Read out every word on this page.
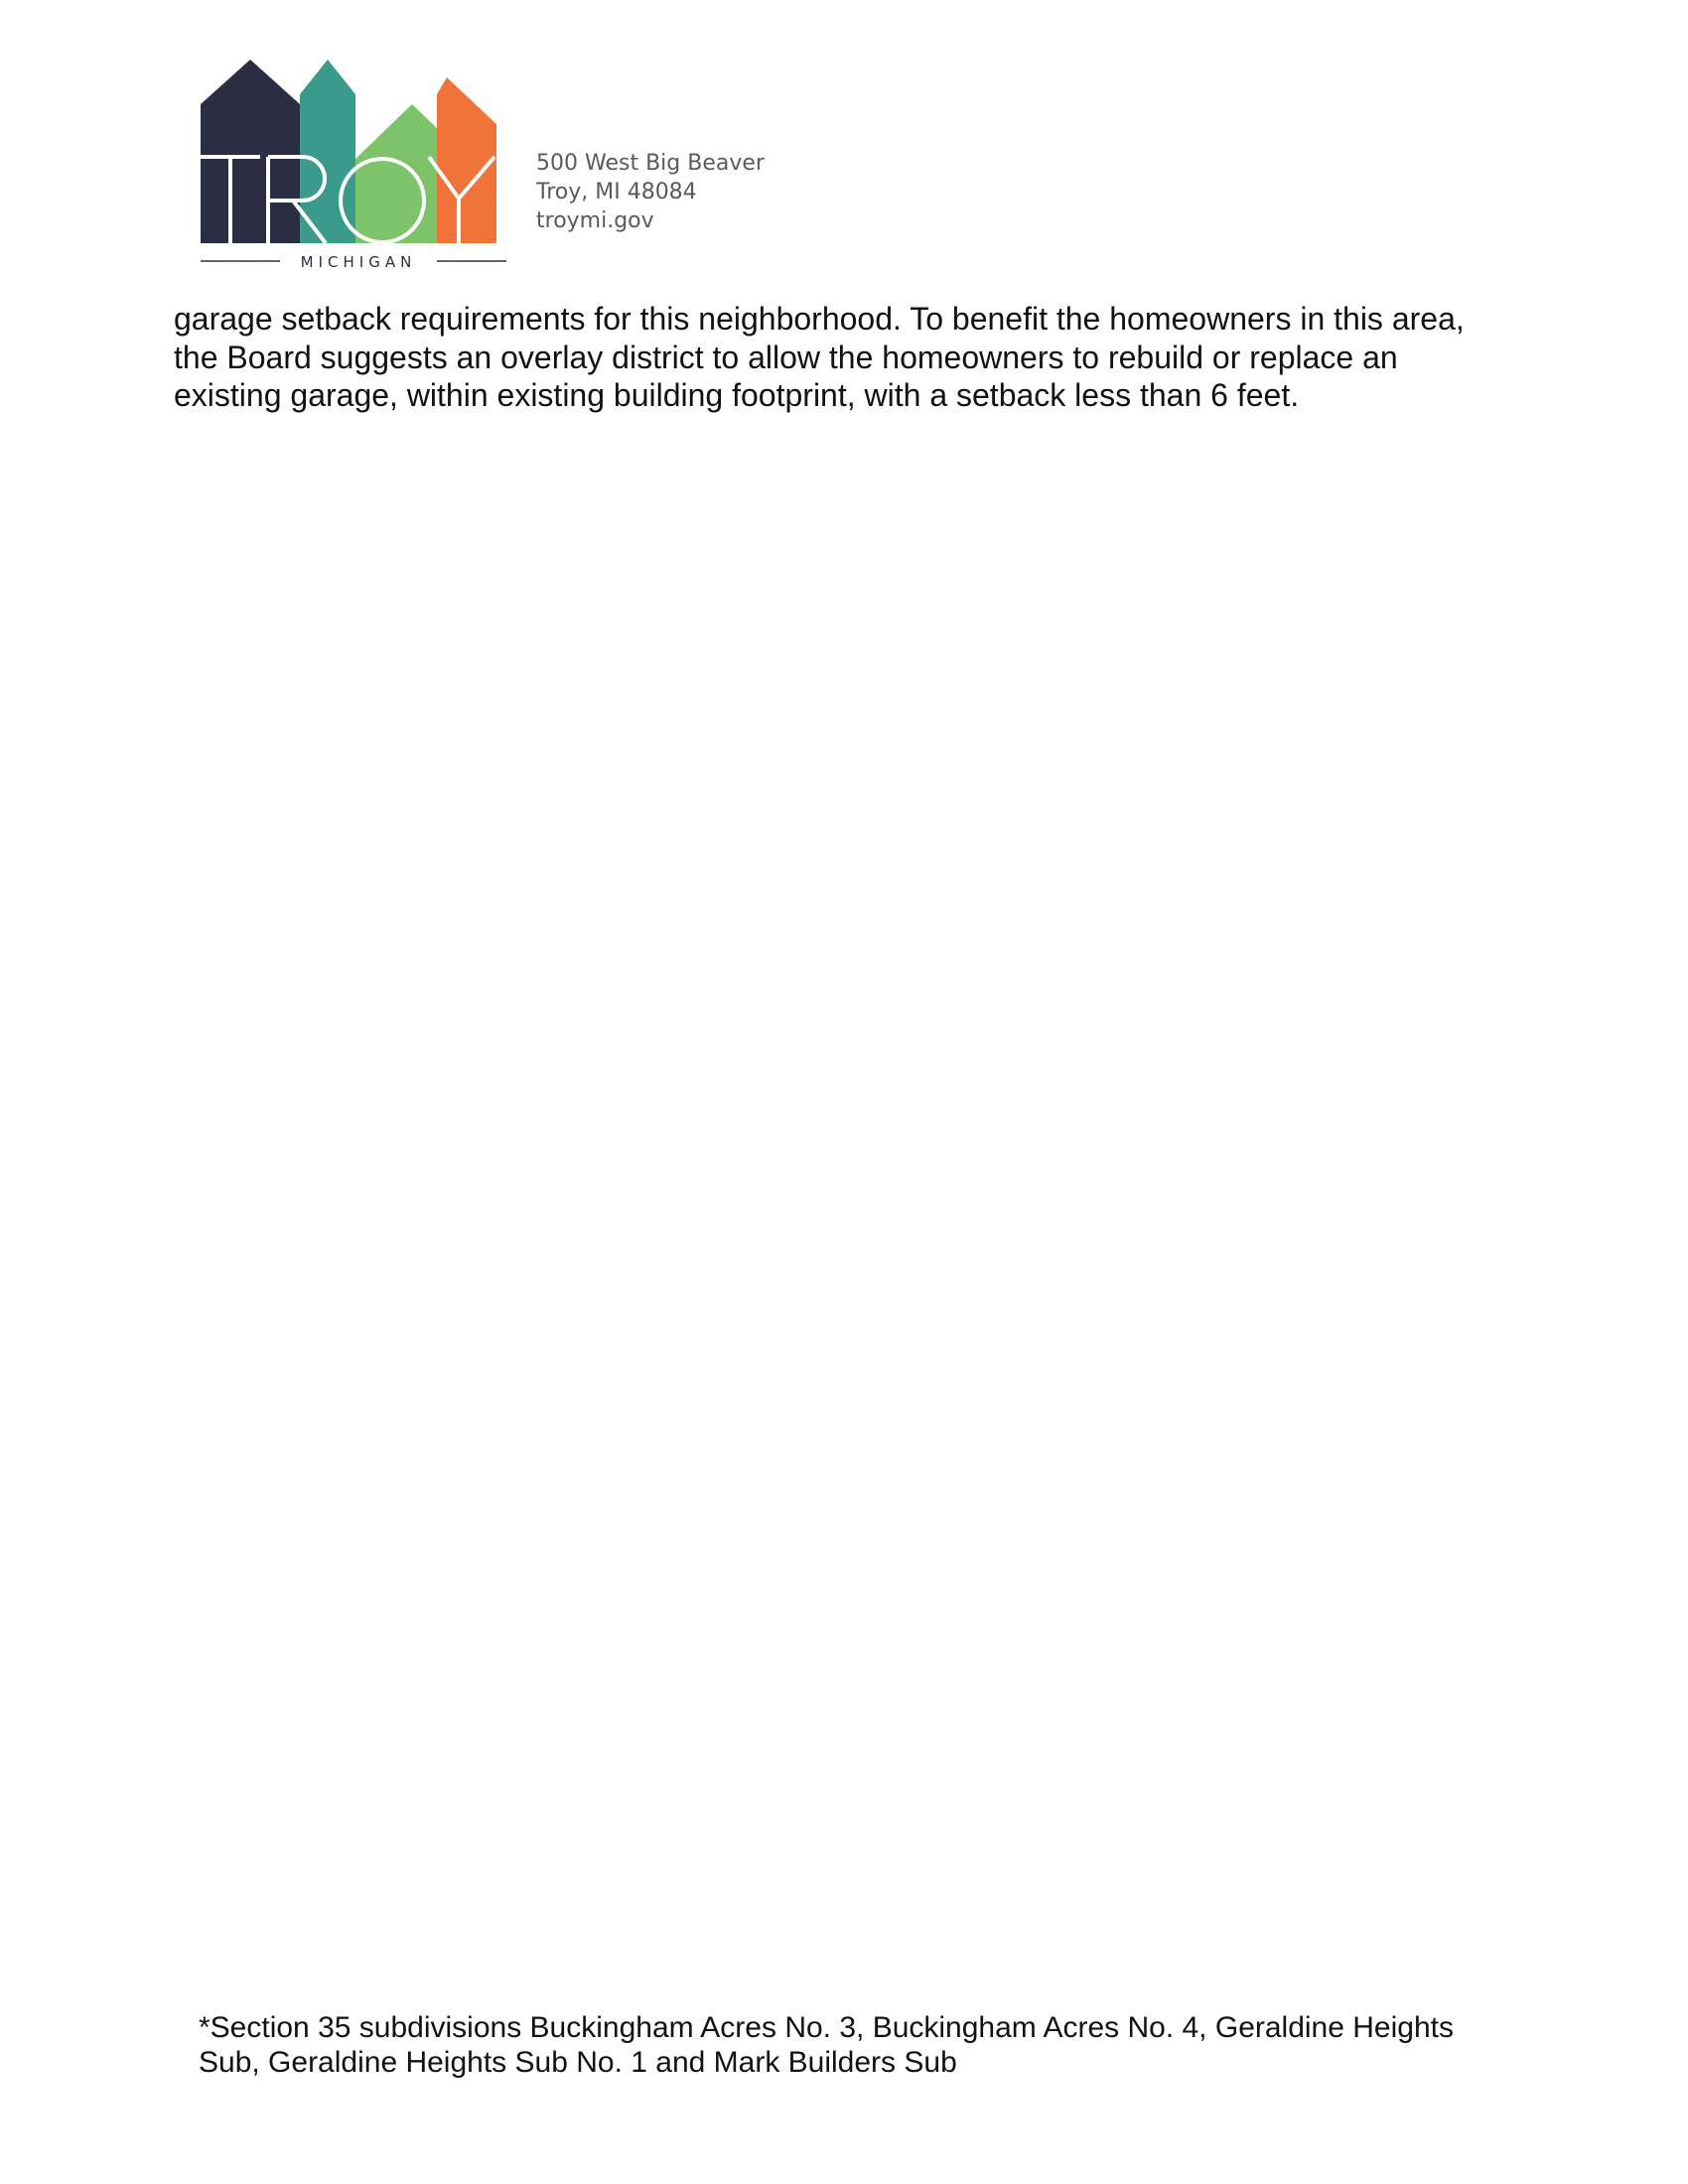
MICHIGAN
500 West Big Beaver
Troy, MI 48084
troymi.gov

garage setback requirements for this neighborhood. To benefit the homeowners in this area, the Board suggests an overlay district to allow the homeowners to rebuild or replace an existing garage, within existing building footprint, with a setback less than 6 feet.

*Section 35 subdivisions Buckingham Acres No. 3, Buckingham Acres No. 4, Geraldine Heights Sub, Geraldine Heights Sub No. 1 and Mark Builders Sub
